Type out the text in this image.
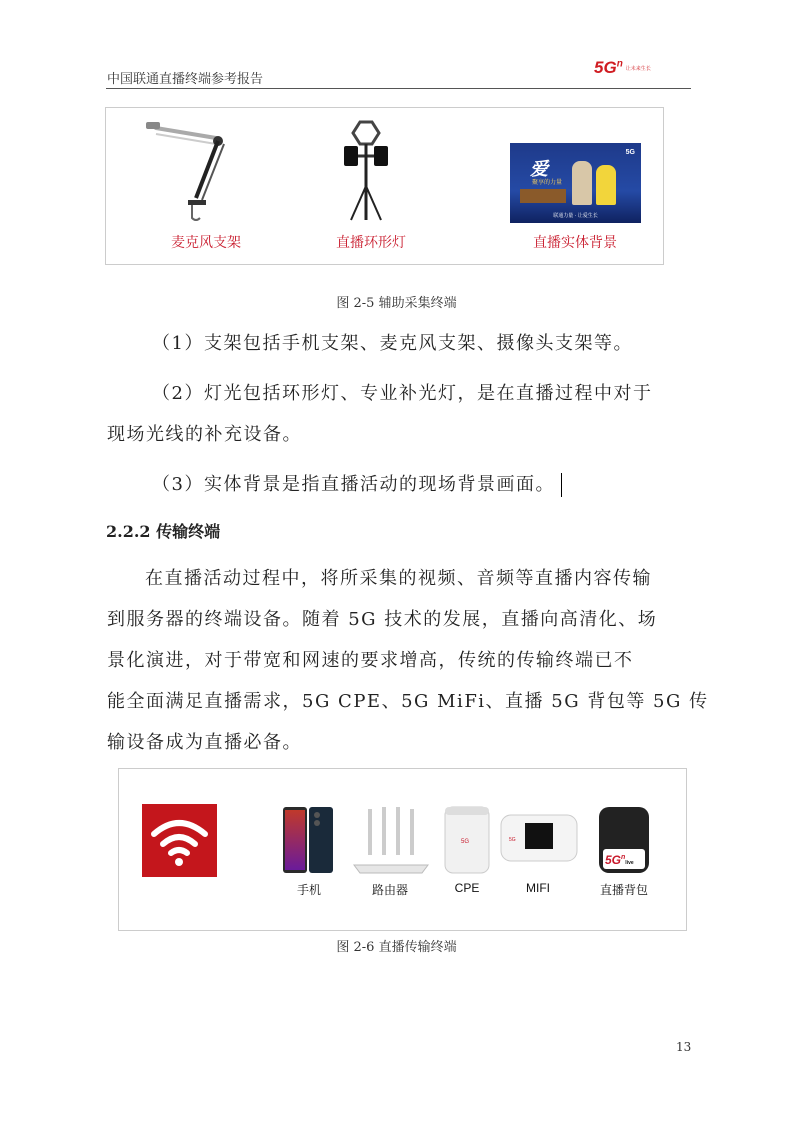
中国联通直播终端参考报告
$5G^n$ 让未来生长
麦克风支架	直播环形灯
爱
聚享的力量
5G
联通力量 · 让爱生长
直播实体背景
图 2-5 辅助采集终端
（1）支架包括手机支架、麦克风支架、摄像头支架等。
（2）灯光包括环形灯、专业补光灯，是在直播过程中对于
现场光线的补充设备。
（3）实体背景是指直播活动的现场背景画面。
2.2.2 传输终端
在直播活动过程中，将所采集的视频、音频等直播内容传输
到服务器的终端设备。随着 5G 技术的发展，直播向高清化、场
景化演进，对于带宽和网速的要求增高，传统的传输终端已不
能全面满足直播需求，5G CPE、5G MiFi、直播 5G 背包等 5G 传
输设备成为直播必备。
手机	路由器
5G
CPE
5G
MIFI
$5G^nlive$
直播背包
图 2-6 直播传输终端
13
